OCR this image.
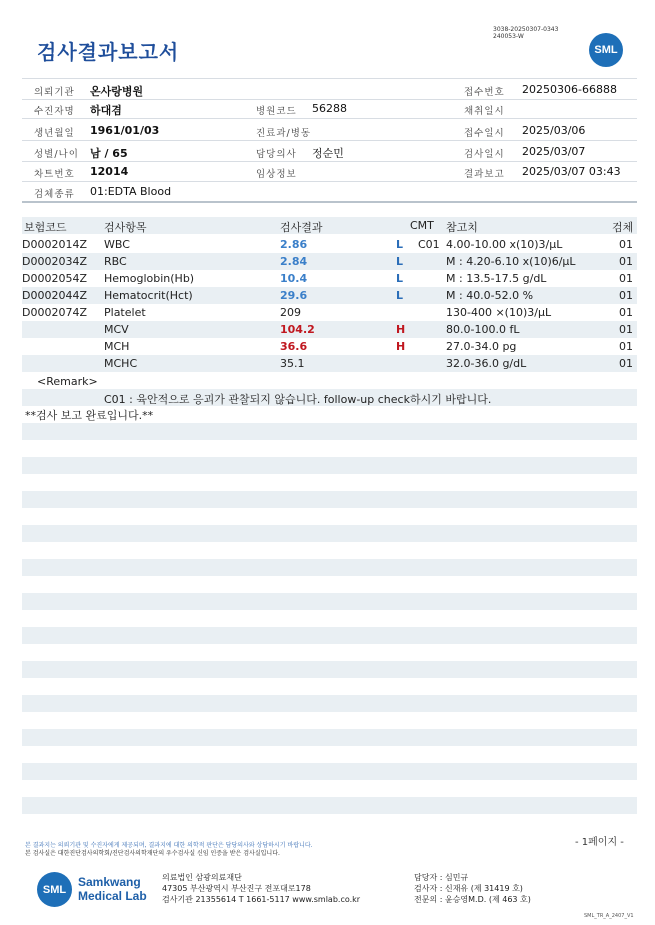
검사결과보고서
3038-20250307-0343
240053-W
SML
의뢰기관 온사랑병원	접수번호 20250306-66888
수진자명 하대겸	병원코드 56288	채취일시
생년월일 1961/01/03	진료과/병동	접수일시 2025/03/06
성별/나이 남 / 65	담당의사 정순민	검사일시 2025/03/07
차트번호 12014	임상정보	결과보고 2025/03/07 03:43
검체종류 01:EDTA Blood
보험코드	검사항목	검사결과	CMT 참고치	검체
D0002014Z WBC	2.86	L C01 4.00-10.00 x(10)3/μL	01
D0002034Z RBC	2.84	L	M : 4.20-6.10 x(10)6/μL	01
D0002054Z Hemoglobin(Hb)	10.4	L	M : 13.5-17.5 g/dL	01
D0002044Z Hematocrit(Hct)	29.6	L	M : 40.0-52.0 %	01
D0002074Z Platelet	209	130-400 ×(10)3/μL	01
MCV	104.2	H	80.0-100.0 fL	01
MCH	36.6	H	27.0-34.0 pg	01
MCHC	35.1	32.0-36.0 g/dL	01
<Remark>
C01 : 육안적으로 응괴가 관찰되지 않습니다. follow-up check하시기 바랍니다.
**검사 보고 완료입니다.**
본 결과지는 의뢰기관 및 수진자에게 제공되며, 결과지에 대한 의학적 판단은 담당의사와 상담하시기 바랍니다.
본 검사실은 대한진단검사의학회/진단검사의학재단의 우수검사실 신임 인증을 받은 검사실입니다.
- 1페이지 -
SML
Samkwang
Medical Lab
의료법인 삼광의료재단
47305 부산광역시 부산진구 전포대로178
검사기관 21355614 T 1661-5117 www.smlab.co.kr
담당자 : 심민규
검사자 : 신재유 (제 31419 호)
전문의 : 윤승영M.D. (제 463 호)
SML_TR_A_2407_V1
